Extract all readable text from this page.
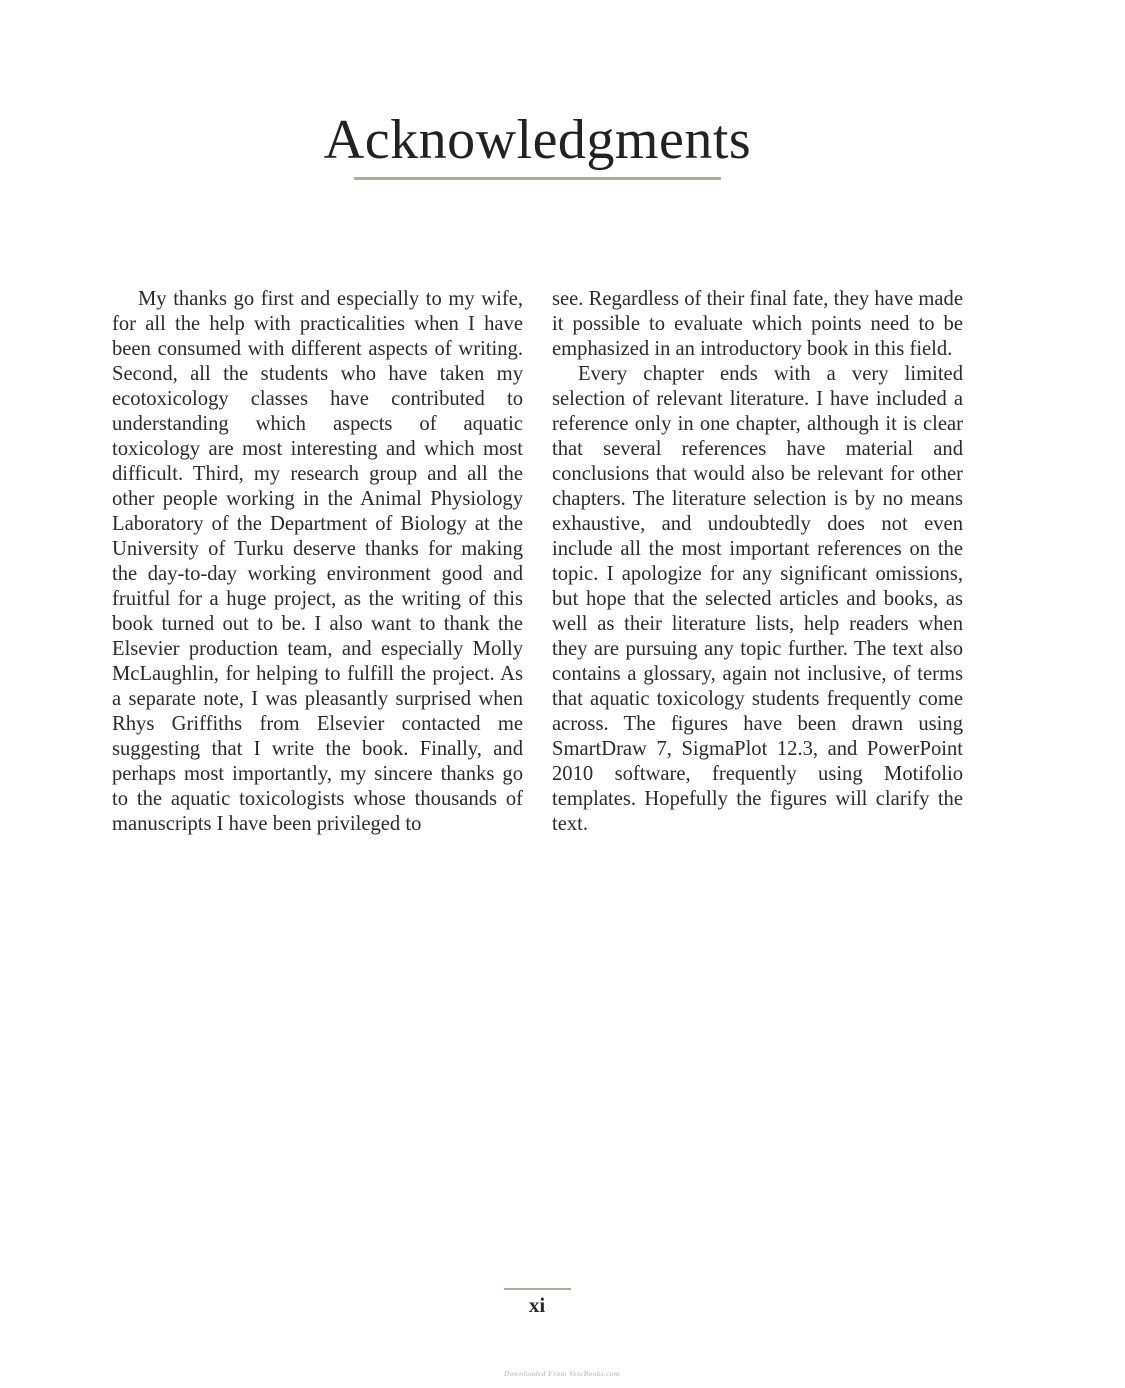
Acknowledgments

My thanks go first and especially to my wife, for all the help with practicalities when I have been consumed with different aspects of writing. Second, all the students who have taken my ecotoxicology classes have contributed to understanding which aspects of aquatic toxicology are most interesting and which most difficult. Third, my research group and all the other people working in the Animal Physiology Laboratory of the Department of Biology at the University of Turku deserve thanks for making the day-to-day working environment good and fruitful for a huge project, as the writing of this book turned out to be. I also want to thank the Elsevier production team, and especially Molly McLaughlin, for helping to fulfill the project. As a separate note, I was pleasantly surprised when Rhys Griffiths from Elsevier contacted me suggesting that I write the book. Finally, and perhaps most importantly, my sincere thanks go to the aquatic toxicologists whose thousands of manuscripts I have been privileged to

see. Regardless of their final fate, they have made it possible to evaluate which points need to be emphasized in an introductory book in this field.

Every chapter ends with a very limited selection of relevant literature. I have included a reference only in one chapter, although it is clear that several references have material and conclusions that would also be relevant for other chapters. The literature selection is by no means exhaustive, and undoubtedly does not even include all the most important references on the topic. I apologize for any significant omissions, but hope that the selected articles and books, as well as their literature lists, help readers when they are pursuing any topic further. The text also contains a glossary, again not inclusive, of terms that aquatic toxicology students frequently come across. The figures have been drawn using SmartDraw 7, SigmaPlot 12.3, and PowerPoint 2010 software, frequently using Motifolio templates. Hopefully the figures will clarify the text.

xi
Downloaded From VetoBooks.com
